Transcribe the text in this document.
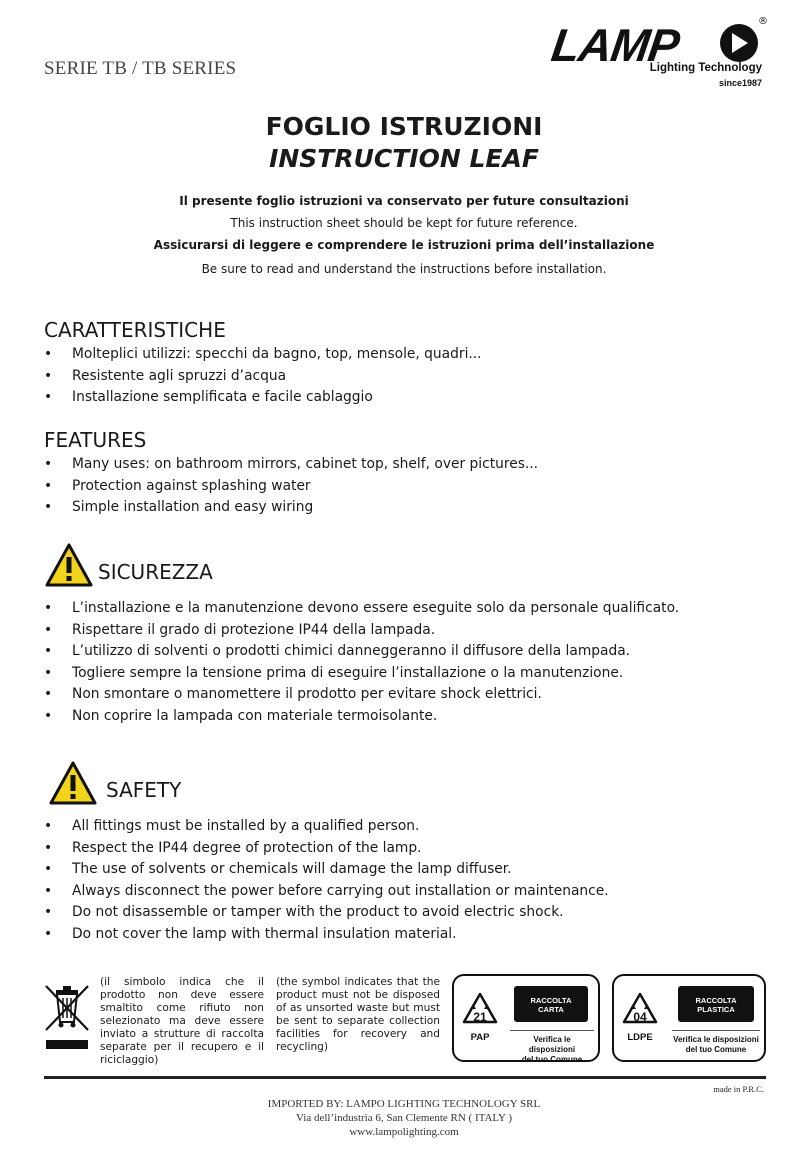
SERIE TB / TB SERIES	LAMP	®
Lighting Technology
since1987
FOGLIO ISTRUZIONI
INSTRUCTION LEAF
Il presente foglio istruzioni va conservato per future consultazioni
This instruction sheet should be kept for future reference.
Assicurarsi di leggere e comprendere le istruzioni prima dell’installazione
Be sure to read and understand the instructions before installation.
CARATTERISTICHE
• Molteplici utilizzi: specchi da bagno, top, mensole, quadri...
• Resistente agli spruzzi d’acqua
• Installazione semplificata e facile cablaggio
FEATURES
• Many uses: on bathroom mirrors, cabinet top, shelf, over pictures...
• Protection against splashing water
• Simple installation and easy wiring
SICUREZZA
• L’installazione e la manutenzione devono essere eseguite solo da personale qualificato.
• Rispettare il grado di protezione IP44 della lampada.
• L’utilizzo di solventi o prodotti chimici danneggeranno il diffusore della lampada.
• Togliere sempre la tensione prima di eseguire l’installazione o la manutenzione.
• Non smontare o manomettere il prodotto per evitare shock elettrici.
• Non coprire la lampada con materiale termoisolante.
SAFETY
• All fittings must be installed by a qualified person.
• Respect the IP44 degree of protection of the lamp.
• The use of solvents or chemicals will damage the lamp diffuser.
• Always disconnect the power before carrying out installation or maintenance.
• Do not disassemble or tamper with the product to avoid electric shock.
• Do not cover the lamp with thermal insulation material.
(il simbolo indica che il prodotto non deve essere smaltito come rifiuto non selezionato ma deve essere inviato a strutture di raccolta separate per il recupero e il riciclaggio)
(the symbol indicates that the product must not be disposed of as unsorted waste but must be sent to separate collection facilities for recovery and recycling)
21
PAP
RACCOLTA
CARTA
Verifica le disposizioni
del tuo Comune
04
LDPE
RACCOLTA
PLASTICA
Verifica le disposizioni
del tuo Comune
made in P.R.C.
IMPORTED BY: LAMPO LIGHTING TECHNOLOGY SRL
Via dell’industria 6, San Clemente RN ( ITALY )
www.lampolighting.com
